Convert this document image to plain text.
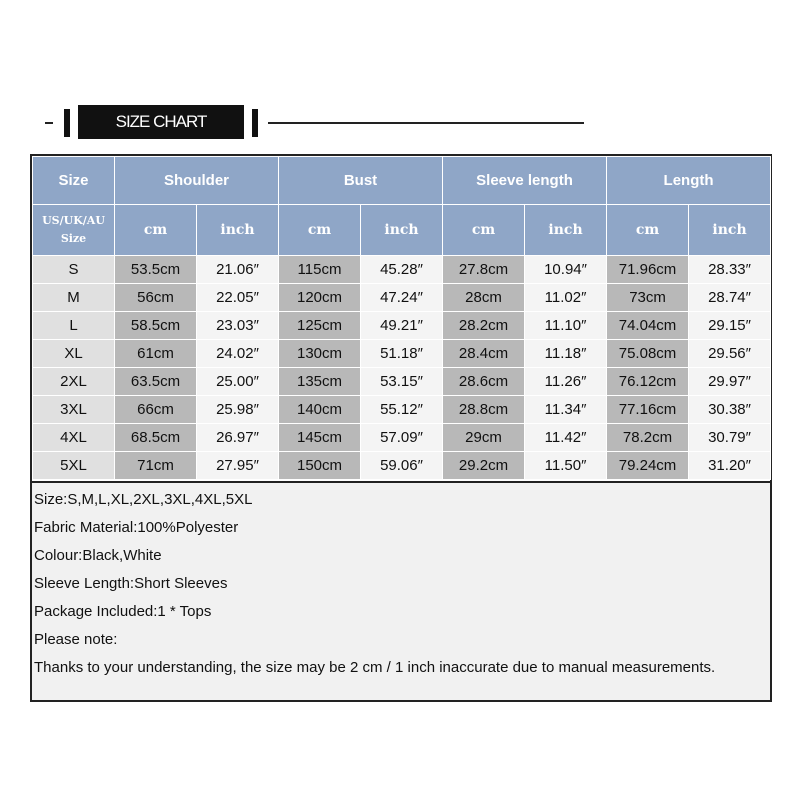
SIZE CHART
Size	Shoulder		Bust		Sleeve length		Length	

US/UK/AU
Size	cm	inch	cm	inch	cm	inch	cm	inch
S	53.5cm	21.06″	115cm	45.28″	27.8cm	10.94″	71.96cm	28.33″
M	56cm	22.05″	120cm	47.24″	28cm	11.02″	73cm	28.74″
L	58.5cm	23.03″	125cm	49.21″	28.2cm	11.10″	74.04cm	29.15″
XL	61cm	24.02″	130cm	51.18″	28.4cm	11.18″	75.08cm	29.56″
2XL	63.5cm	25.00″	135cm	53.15″	28.6cm	11.26″	76.12cm	29.97″
3XL	66cm	25.98″	140cm	55.12″	28.8cm	11.34″	77.16cm	30.38″
4XL	68.5cm	26.97″	145cm	57.09″	29cm	11.42″	78.2cm	30.79″
5XL	71cm	27.95″	150cm	59.06″	29.2cm	11.50″	79.24cm	31.20″
Size:S,M,L,XL,2XL,3XL,4XL,5XL
Fabric Material:100%Polyester
Colour:Black,White
Sleeve Length:Short Sleeves
Package Included:1 * Tops
Please note:
Thanks to your understanding, the size may be 2 cm / 1 inch inaccurate due to manual measurements.
